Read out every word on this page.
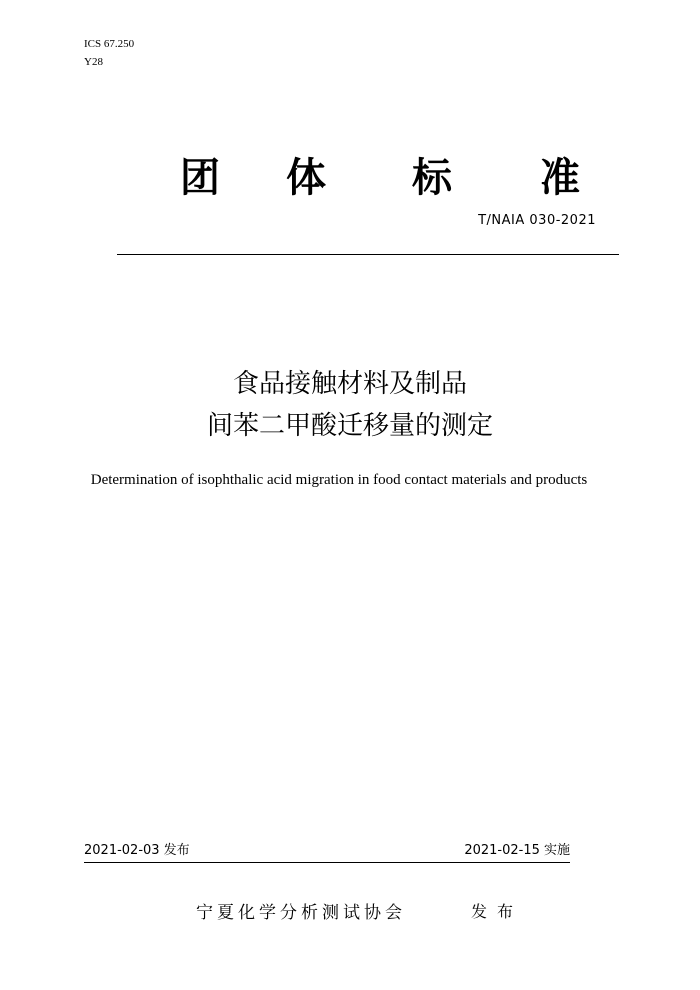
ICS 67.250
Y28
团 体 标 准
T/NAIA 030-2021
食品接触材料及制品
间苯二甲酸迁移量的测定
Determination of isophthalic acid migration in food contact materials and products
2021-02-03 发布	2021-02-15 实施
宁夏化学分析测试协会	发布
